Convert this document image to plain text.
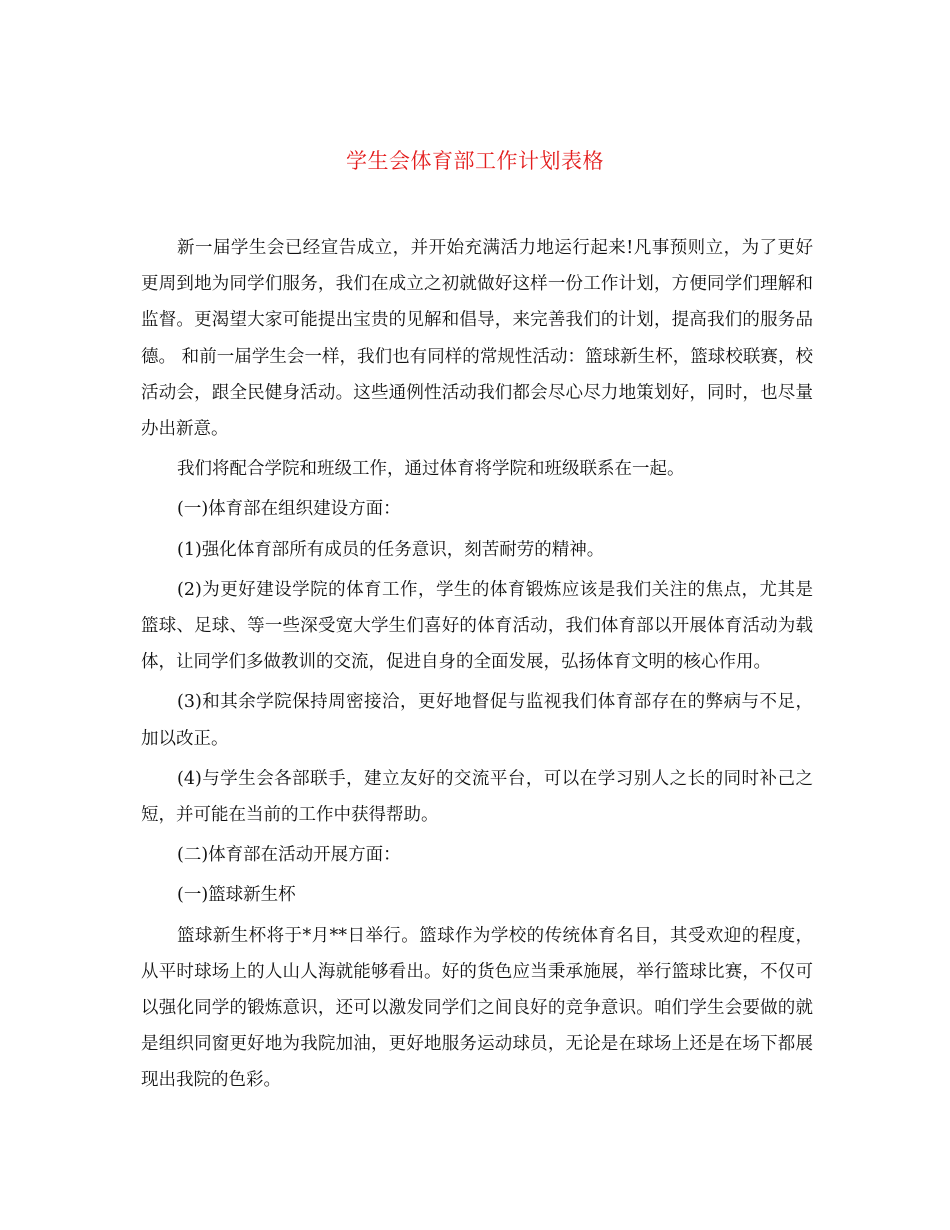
学生会体育部工作计划表格

新一届学生会已经宣告成立，并开始充满活力地运行起来!凡事预则立，为了更好更周到地为同学们服务，我们在成立之初就做好这样一份工作计划，方便同学们理解和监督。更渴望大家可能提出宝贵的见解和倡导，来完善我们的计划，提高我们的服务品德。 和前一届学生会一样，我们也有同样的常规性活动：篮球新生杯，篮球校联赛，校活动会，跟全民健身活动。这些通例性活动我们都会尽心尽力地策划好，同时，也尽量办出新意。

我们将配合学院和班级工作，通过体育将学院和班级联系在一起。

(一)体育部在组织建设方面：

(1)强化体育部所有成员的任务意识，刻苦耐劳的精神。

(2)为更好建设学院的体育工作，学生的体育锻炼应该是我们关注的焦点，尤其是篮球、足球、等一些深受宽大学生们喜好的体育活动，我们体育部以开展体育活动为载体，让同学们多做教训的交流，促进自身的全面发展，弘扬体育文明的核心作用。

(3)和其余学院保持周密接洽，更好地督促与监视我们体育部存在的弊病与不足，加以改正。

(4)与学生会各部联手，建立友好的交流平台，可以在学习别人之长的同时补己之短，并可能在当前的工作中获得帮助。

(二)体育部在活动开展方面：

(一)篮球新生杯

篮球新生杯将于*月**日举行。篮球作为学校的传统体育名目，其受欢迎的程度，从平时球场上的人山人海就能够看出。好的货色应当秉承施展，举行篮球比赛，不仅可以强化同学的锻炼意识，还可以激发同学们之间良好的竞争意识。咱们学生会要做的就是组织同窗更好地为我院加油，更好地服务运动球员，无论是在球场上还是在场下都展现出我院的色彩。
